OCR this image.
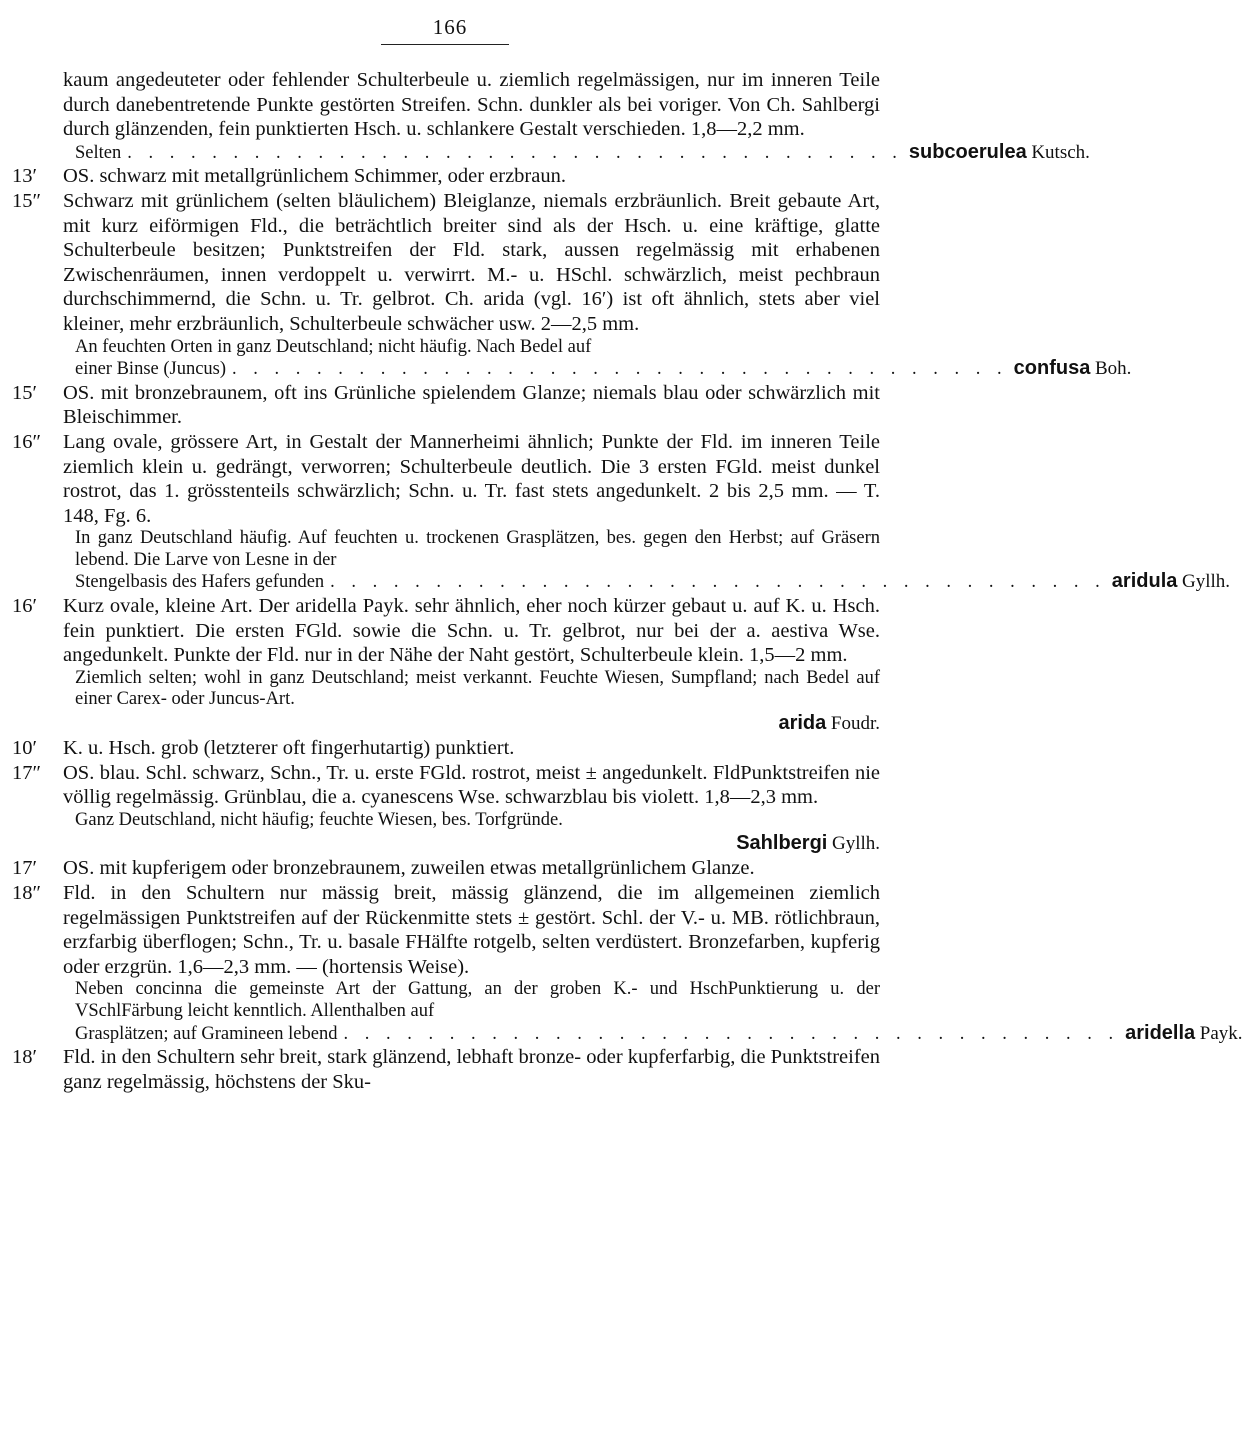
166
kaum angedeuteter oder fehlender Schulterbeule u. ziemlich regelmässigen, nur im inneren Teile durch danebentretende Punkte gestörten Streifen. Schn. dunkler als bei voriger. Von Ch. Sahlbergi durch glänzenden, fein punktierten Hsch. u. schlankere Gestalt verschieden. 1,8—2,2 mm.
Selten . . . . . . . . . . . . . . . . . . . . . . . . . . . . . . . . . . . . . subcoerulea Kutsch.
13′ OS. schwarz mit metallgrünlichem Schimmer, oder erzbraun.
15″ Schwarz mit grünlichem (selten bläulichem) Bleiglanze, niemals erzbräunlich. Breit gebaute Art, mit kurz eiförmigen Fld., die beträchtlich breiter sind als der Hsch. u. eine kräftige, glatte Schulterbeule besitzen; Punktstreifen der Fld. stark, aussen regelmässig mit erhabenen Zwischenräumen, innen verdoppelt u. verwirrt. M.- u. HSchl. schwärzlich, meist pechbraun durchschimmernd, die Schn. u. Tr. gelbrot. Ch. arida (vgl. 16′) ist oft ähnlich, stets aber viel kleiner, mehr erzbräunlich, Schulterbeule schwächer usw. 2—2,5 mm.
An feuchten Orten in ganz Deutschland; nicht häufig. Nach Bedel auf
einer Binse (Juncus) . . . . . . . . . . . . . . . . . . . . . . . . . . . . . . . . . . . . . confusa Boh.
15′ OS. mit bronzebraunem, oft ins Grünliche spielendem Glanze; niemals blau oder schwärzlich mit Bleischimmer.
16″ Lang ovale, grössere Art, in Gestalt der Mannerheimi ähnlich; Punkte der Fld. im inneren Teile ziemlich klein u. gedrängt, verworren; Schulterbeule deutlich. Die 3 ersten FGld. meist dunkel rostrot, das 1. grösstenteils schwärzlich; Schn. u. Tr. fast stets angedunkelt. 2 bis 2,5 mm. — T. 148, Fg. 6.
In ganz Deutschland häufig. Auf feuchten u. trockenen Grasplätzen, bes. gegen den Herbst; auf Gräsern lebend. Die Larve von Lesne in der
Stengelbasis des Hafers gefunden . . . . . . . . . . . . . . . . . . . . . . . . . . . . . . . . . . . . . aridula Gyllh.
16′ Kurz ovale, kleine Art. Der aridella Payk. sehr ähnlich, eher noch kürzer gebaut u. auf K. u. Hsch. fein punktiert. Die ersten FGld. sowie die Schn. u. Tr. gelbrot, nur bei der a. aestiva Wse. angedunkelt. Punkte der Fld. nur in der Nähe der Naht gestört, Schulterbeule klein. 1,5—2 mm.
Ziemlich selten; wohl in ganz Deutschland; meist verkannt. Feuchte Wiesen, Sumpfland; nach Bedel auf einer Carex- oder Juncus-Art.
arida Foudr.
10′ K. u. Hsch. grob (letzterer oft fingerhutartig) punktiert.
17″ OS. blau. Schl. schwarz, Schn., Tr. u. erste FGld. rostrot, meist ± angedunkelt. FldPunktstreifen nie völlig regelmässig. Grünblau, die a. cyanescens Wse. schwarzblau bis violett. 1,8—2,3 mm.
Ganz Deutschland, nicht häufig; feuchte Wiesen, bes. Torfgründe.
Sahlbergi Gyllh.
17′ OS. mit kupferigem oder bronzebraunem, zuweilen etwas metallgrünlichem Glanze.
18″ Fld. in den Schultern nur mässig breit, mässig glänzend, die im allgemeinen ziemlich regelmässigen Punktstreifen auf der Rückenmitte stets ± gestört. Schl. der V.- u. MB. rötlichbraun, erzfarbig überflogen; Schn., Tr. u. basale FHälfte rotgelb, selten verdüstert. Bronzefarben, kupferig oder erzgrün. 1,6—2,3 mm. — (hortensis Weise).
Neben concinna die gemeinste Art der Gattung, an der groben K.- und HschPunktierung u. der VSchlFärbung leicht kenntlich. Allenthalben auf
Grasplätzen; auf Gramineen lebend . . . . . . . . . . . . . . . . . . . . . . . . . . . . . . . . . . . . . aridella Payk.
18′ Fld. in den Schultern sehr breit, stark glänzend, lebhaft bronze- oder kupferfarbig, die Punktstreifen ganz regelmässig, höchstens der Sku-
